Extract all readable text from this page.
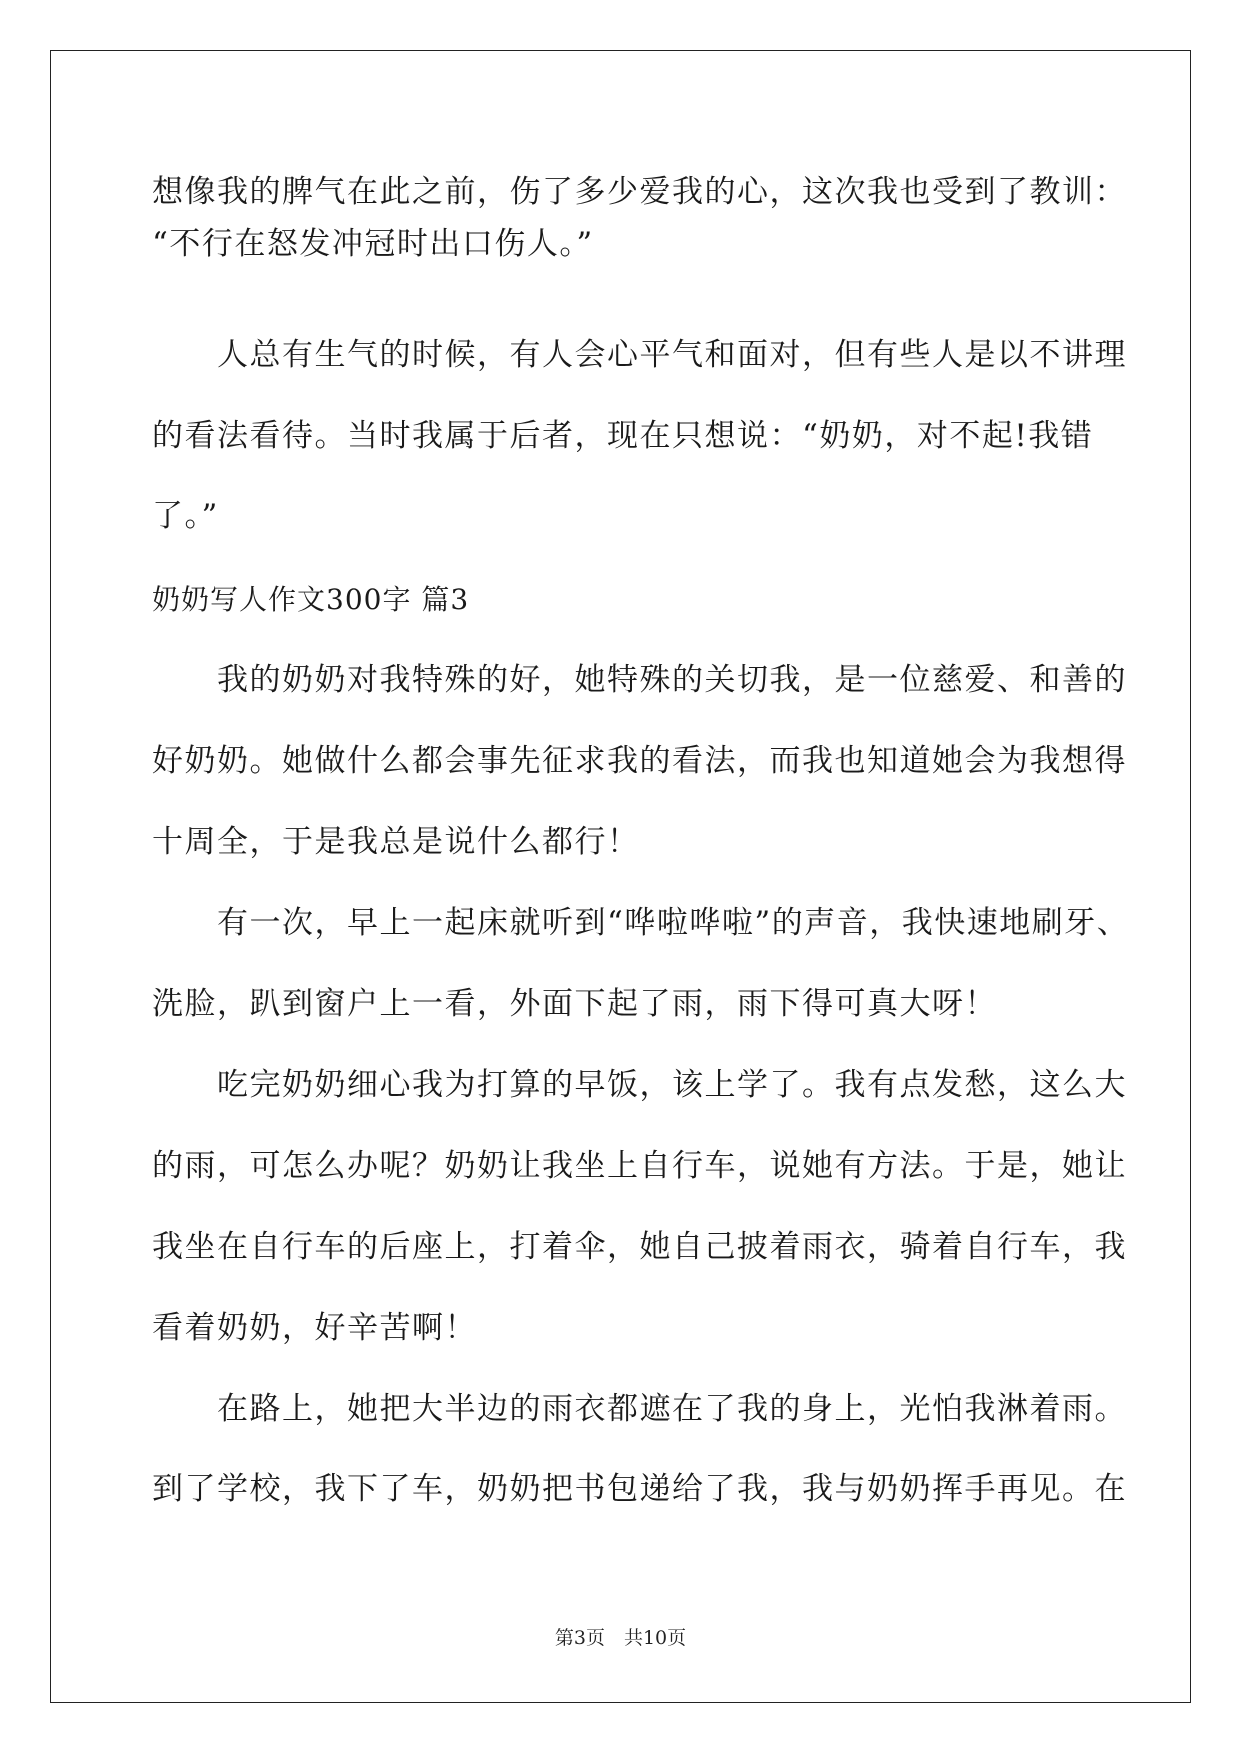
想像我的脾气在此之前，伤了多少爱我的心，这次我也受到了教训：
“不行在怒发冲冠时出口伤人。”
　　人总有生气的时候，有人会心平气和面对，但有些人是以不讲理
的看法看待。当时我属于后者，现在只想说：“奶奶，对不起!我错
了。”
奶奶写人作文300字 篇3
　　我的奶奶对我特殊的好，她特殊的关切我，是一位慈爱、和善的
好奶奶。她做什么都会事先征求我的看法，而我也知道她会为我想得
十周全，于是我总是说什么都行！
　　有一次，早上一起床就听到“哗啦哗啦”的声音，我快速地刷牙、
洗脸，趴到窗户上一看，外面下起了雨，雨下得可真大呀！
　　吃完奶奶细心我为打算的早饭，该上学了。我有点发愁，这么大
的雨，可怎么办呢？奶奶让我坐上自行车，说她有方法。于是，她让
我坐在自行车的后座上，打着伞，她自己披着雨衣，骑着自行车，我
看着奶奶，好辛苦啊！
　　在路上，她把大半边的雨衣都遮在了我的身上，光怕我淋着雨。
到了学校，我下了车，奶奶把书包递给了我，我与奶奶挥手再见。在
第3页　共10页
